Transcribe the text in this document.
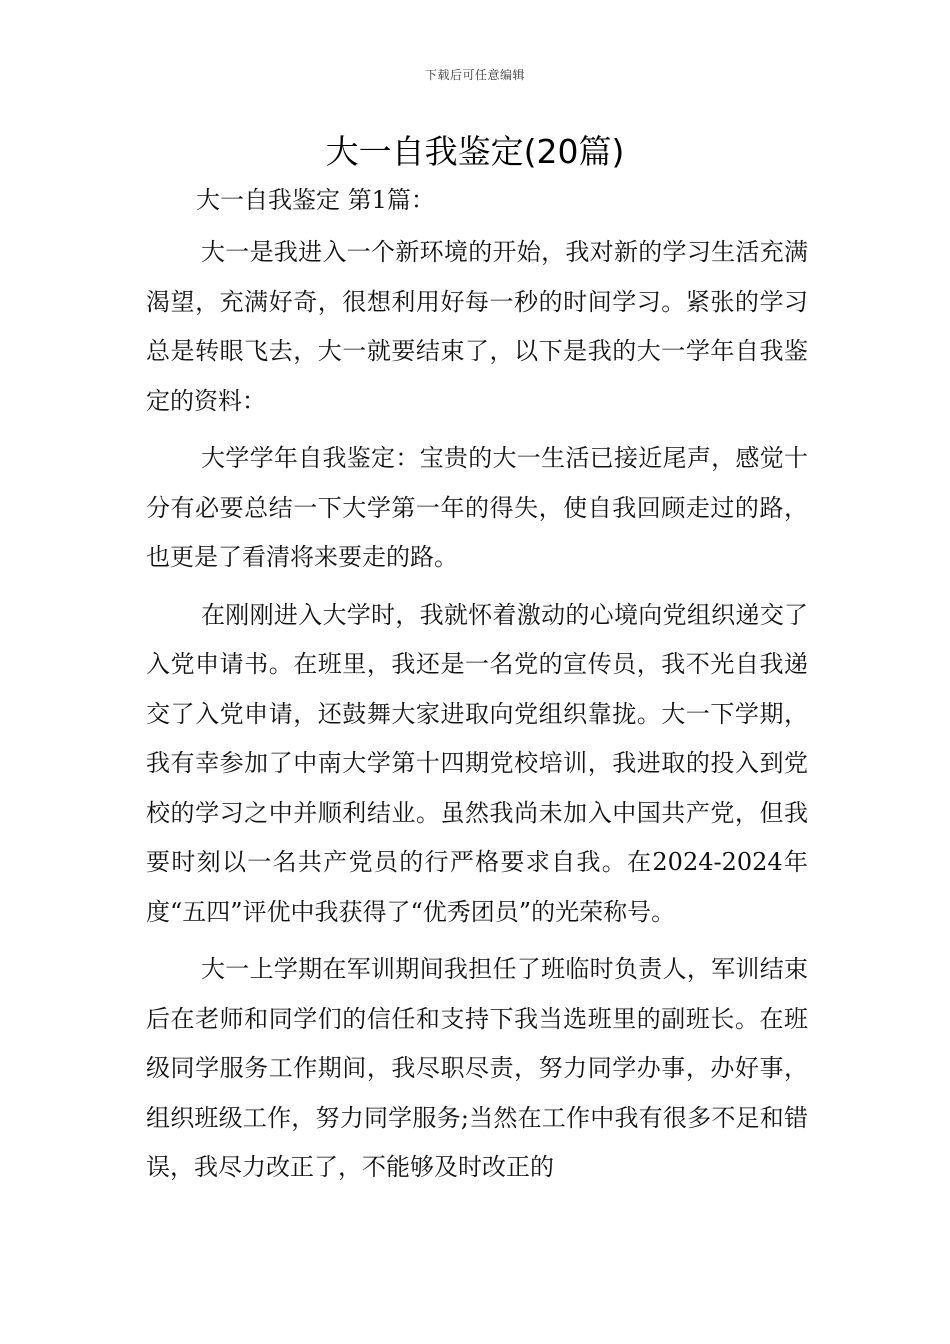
下载后可任意编辑
大一自我鉴定(20篇)

大一自我鉴定 第1篇：

大一是我进入一个新环境的开始，我对新的学习生活充满渴望，充满好奇，很想利用好每一秒的时间学习。紧张的学习总是转眼飞去，大一就要结束了，以下是我的大一学年自我鉴定的资料：

大学学年自我鉴定：宝贵的大一生活已接近尾声，感觉十分有必要总结一下大学第一年的得失，使自我回顾走过的路，也更是了看清将来要走的路。

在刚刚进入大学时，我就怀着激动的心境向党组织递交了入党申请书。在班里，我还是一名党的宣传员，我不光自我递交了入党申请，还鼓舞大家进取向党组织靠拢。大一下学期，我有幸参加了中南大学第十四期党校培训，我进取的投入到党校的学习之中并顺利结业。虽然我尚未加入中国共产党，但我要时刻以一名共产党员的行严格要求自我。在2024-2024年度“五四”评优中我获得了“优秀团员”的光荣称号。

大一上学期在军训期间我担任了班临时负责人，军训结束后在老师和同学们的信任和支持下我当选班里的副班长。在班级同学服务工作期间，我尽职尽责，努力同学办事，办好事，组织班级工作，努力同学服务;当然在工作中我有很多不足和错误，我尽力改正了，不能够及时改正的
